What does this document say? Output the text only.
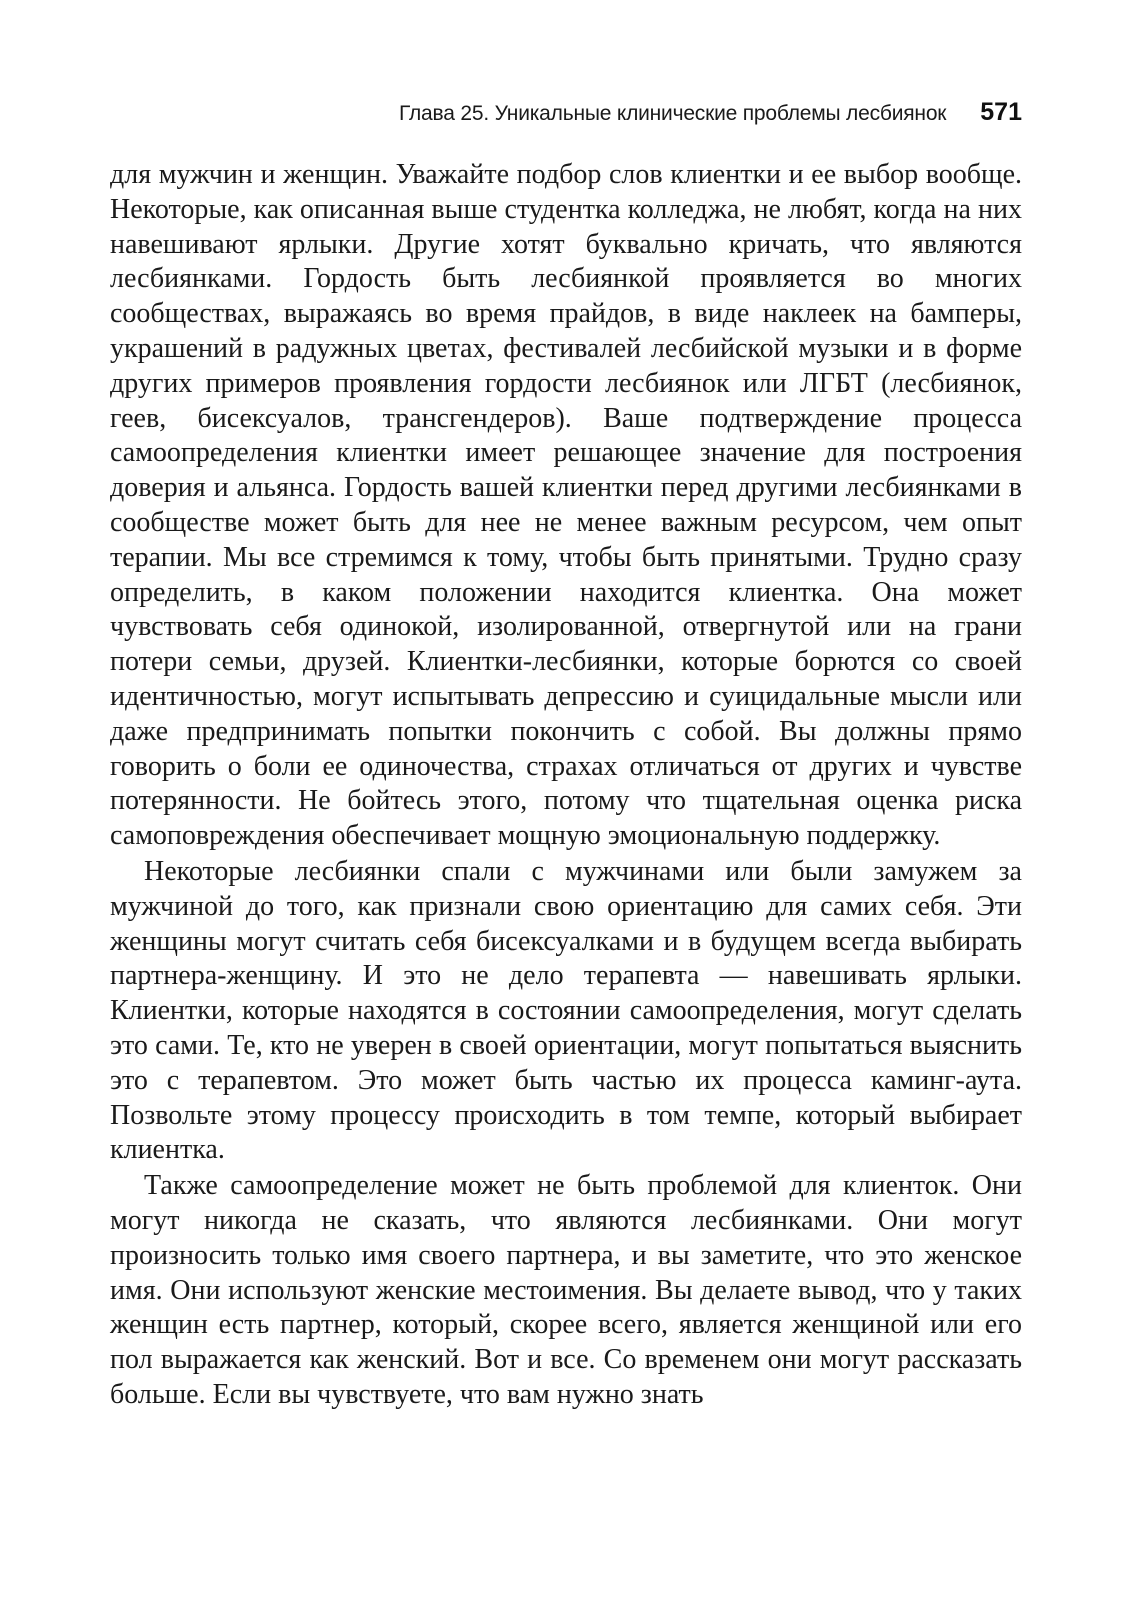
Глава 25. Уникальные клинические проблемы лесбиянок 571

для мужчин и женщин. Уважайте подбор слов клиентки и ее выбор вообще. Некоторые, как описанная выше студентка колледжа, не любят, когда на них навешивают ярлыки. Другие хотят буквально кричать, что являются лесбиянками. Гордость быть лесбиянкой проявляется во многих сообществах, выражаясь во время прайдов, в виде наклеек на бамперы, украшений в радужных цветах, фестивалей лесбийской музыки и в форме других примеров проявления гордости лесбиянок или ЛГБТ (лесбиянок, геев, бисексуалов, трансгендеров). Ваше подтверждение процесса самоопределения клиентки имеет решающее значение для построения доверия и альянса. Гордость вашей клиентки перед другими лесбиянками в сообществе может быть для нее не менее важным ресурсом, чем опыт терапии. Мы все стремимся к тому, чтобы быть принятыми. Трудно сразу определить, в каком положении находится клиентка. Она может чувствовать себя одинокой, изолированной, отвергнутой или на грани потери семьи, друзей. Клиентки-лесбиянки, которые борются со своей идентичностью, могут испытывать депрессию и суицидальные мысли или даже предпринимать попытки покончить с собой. Вы должны прямо говорить о боли ее одиночества, страхах отличаться от других и чувстве потерянности. Не бойтесь этого, потому что тщательная оценка риска самоповреждения обеспечивает мощную эмоциональную поддержку.

Некоторые лесбиянки спали с мужчинами или были замужем за мужчиной до того, как признали свою ориентацию для самих себя. Эти женщины могут считать себя бисексуалками и в будущем всегда выбирать партнера-женщину. И это не дело терапевта — навешивать ярлыки. Клиентки, которые находятся в состоянии самоопределения, могут сделать это сами. Те, кто не уверен в своей ориентации, могут попытаться выяснить это с терапевтом. Это может быть частью их процесса каминг-аута. Позвольте этому процессу происходить в том темпе, который выбирает клиентка.

Также самоопределение может не быть проблемой для клиенток. Они могут никогда не сказать, что являются лесбиянками. Они могут произносить только имя своего партнера, и вы заметите, что это женское имя. Они используют женские местоимения. Вы делаете вывод, что у таких женщин есть партнер, который, скорее всего, является женщиной или его пол выражается как женский. Вот и все. Со временем они могут рассказать больше. Если вы чувствуете, что вам нужно знать
